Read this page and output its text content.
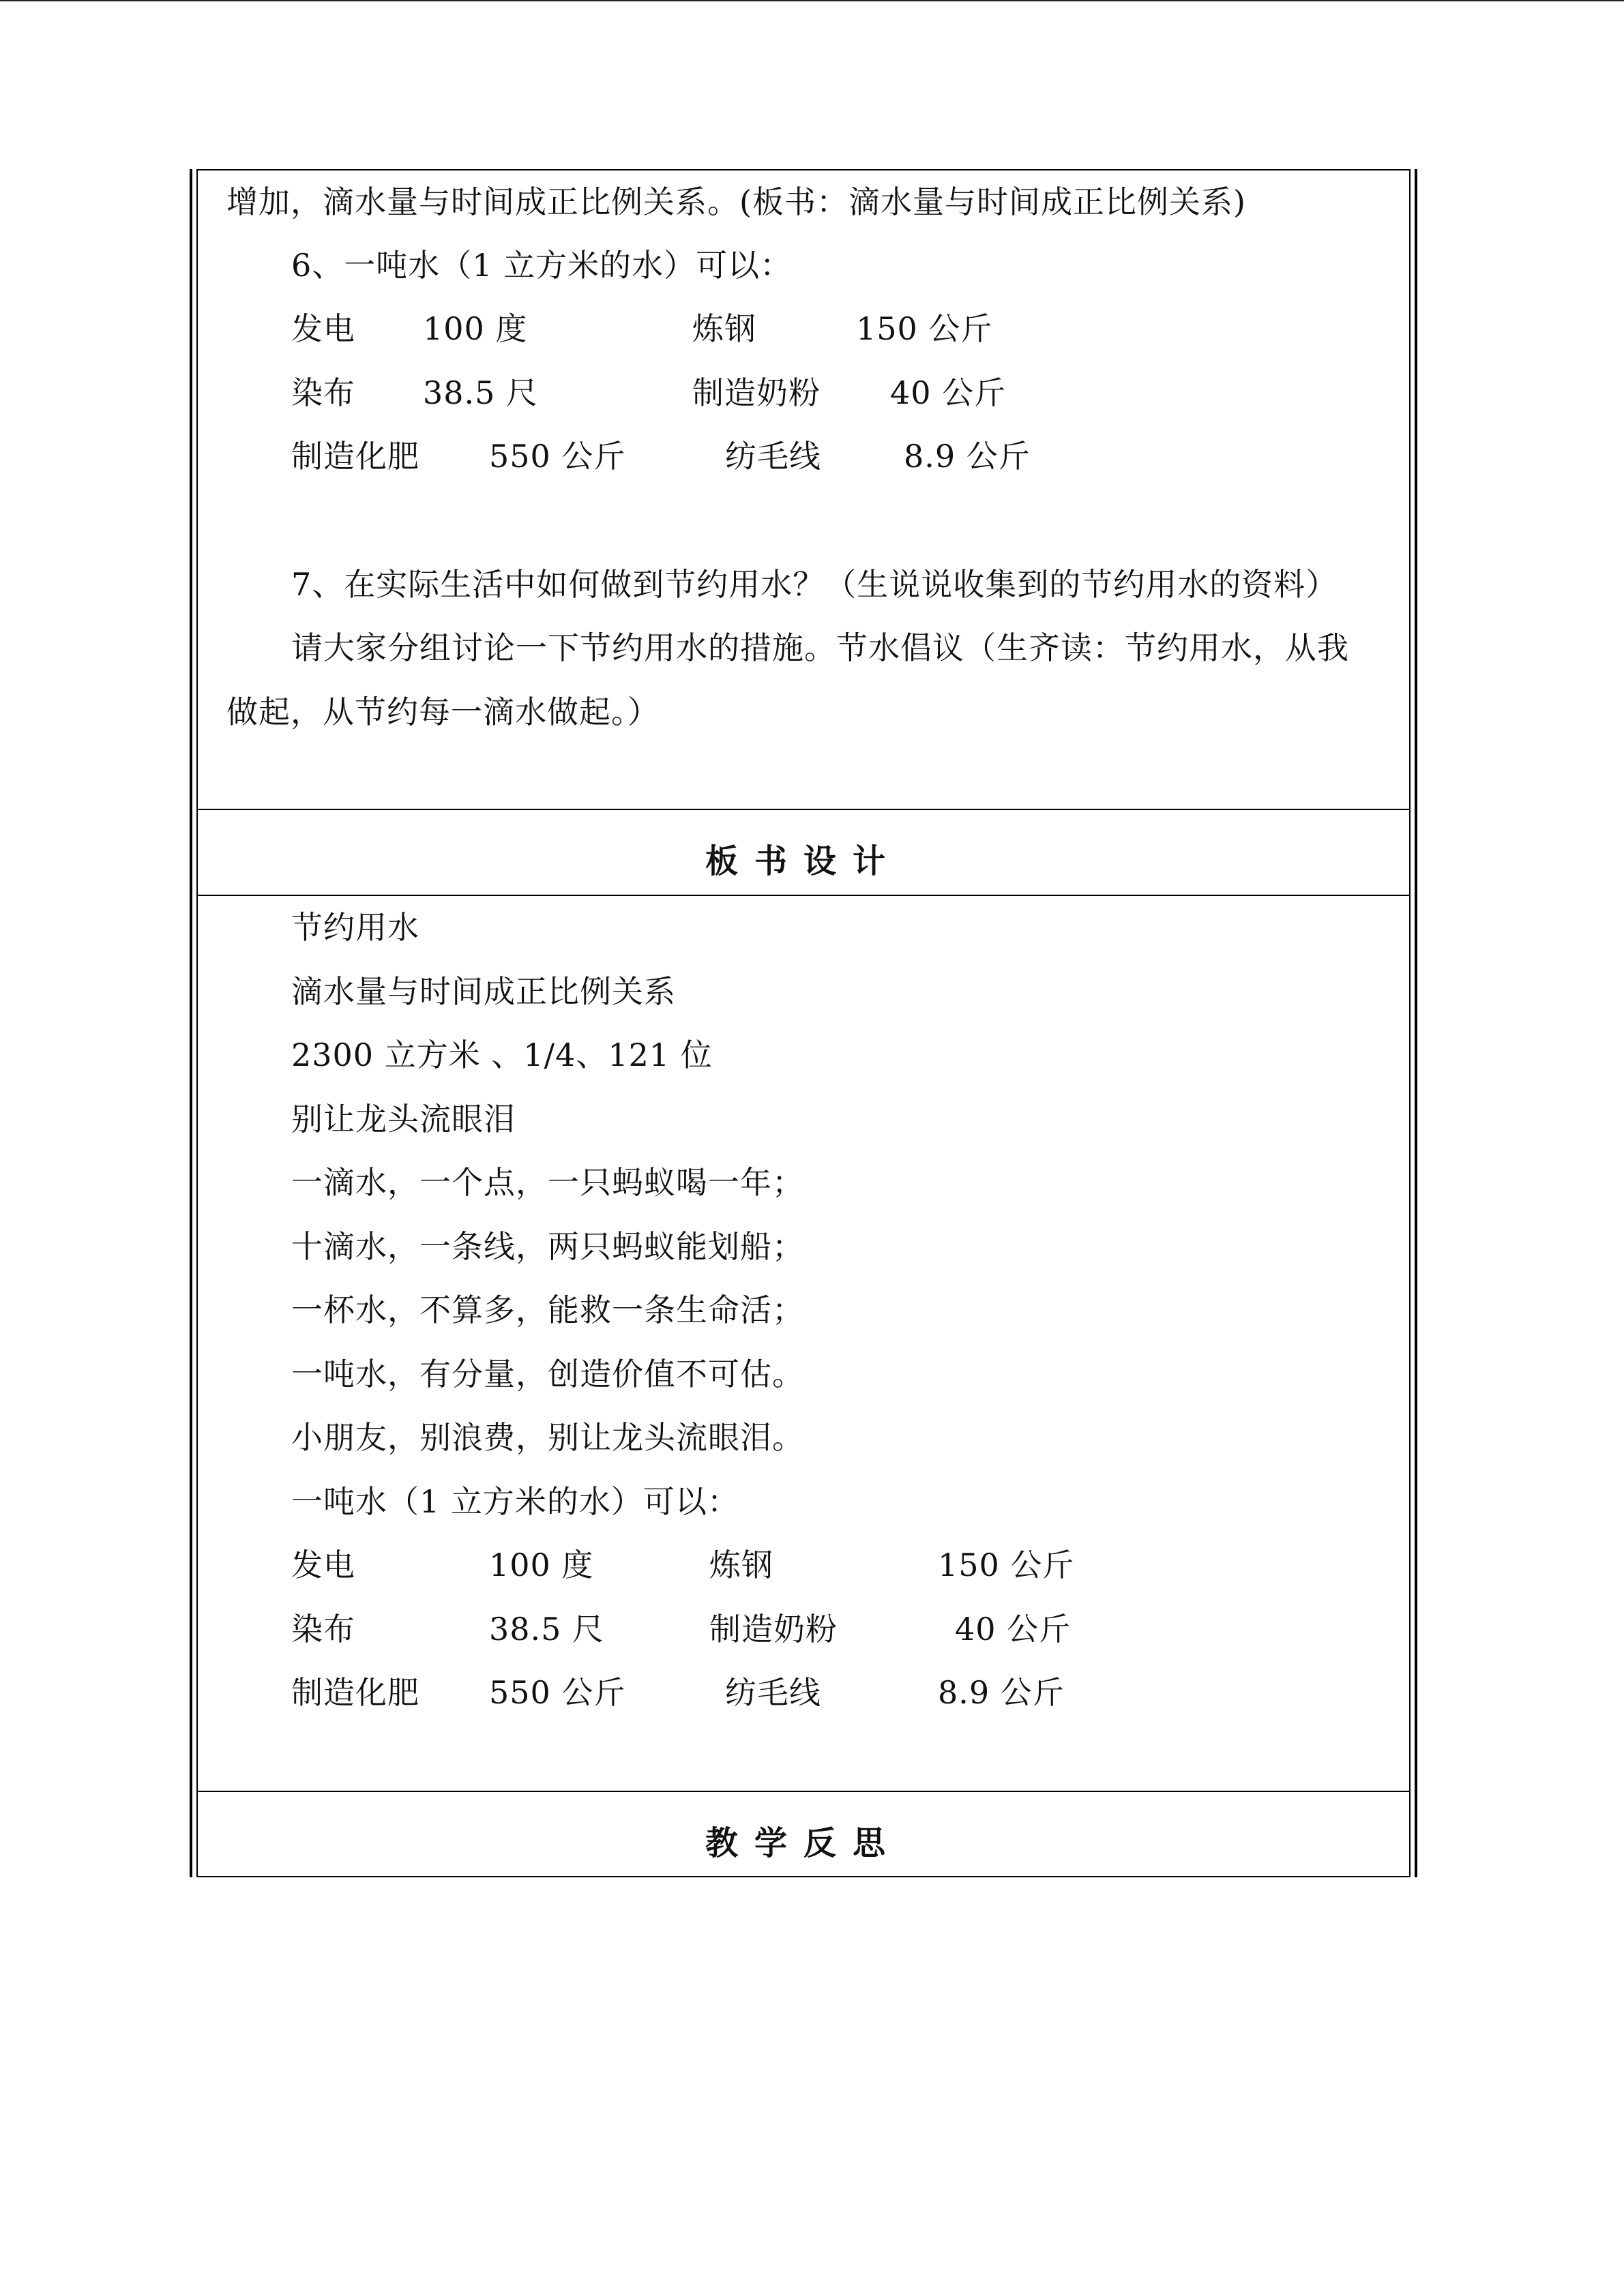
增加，滴水量与时间成正比例关系。(板书：滴水量与时间成正比例关系)
6、一吨水（1 立方米的水）可以：
发电 100 度	炼钢	150 公斤
染布 38.5 尺	制造奶粉 40 公斤
制造化肥 550 公斤	纺毛线	8.9 公斤
7、在实际生活中如何做到节约用水？（生说说收集到的节约用水的资料）
请大家分组讨论一下节约用水的措施。节水倡议（生齐读：节约用水，从我
做起，从节约每一滴水做起。）
板书设计
节约用水
滴水量与时间成正比例关系
2300 立方米 、1/4、121 位
别让龙头流眼泪
一滴水，一个点，一只蚂蚁喝一年；
十滴水，一条线，两只蚂蚁能划船；
一杯水，不算多，能救一条生命活；
一吨水，有分量，创造价值不可估。
小朋友，别浪费，别让龙头流眼泪。
一吨水（1 立方米的水）可以：
发电	100 度	炼钢	150 公斤
染布	38.5 尺	制造奶粉	40 公斤
制造化肥 550 公斤	纺毛线	8.9 公斤
教学反思
